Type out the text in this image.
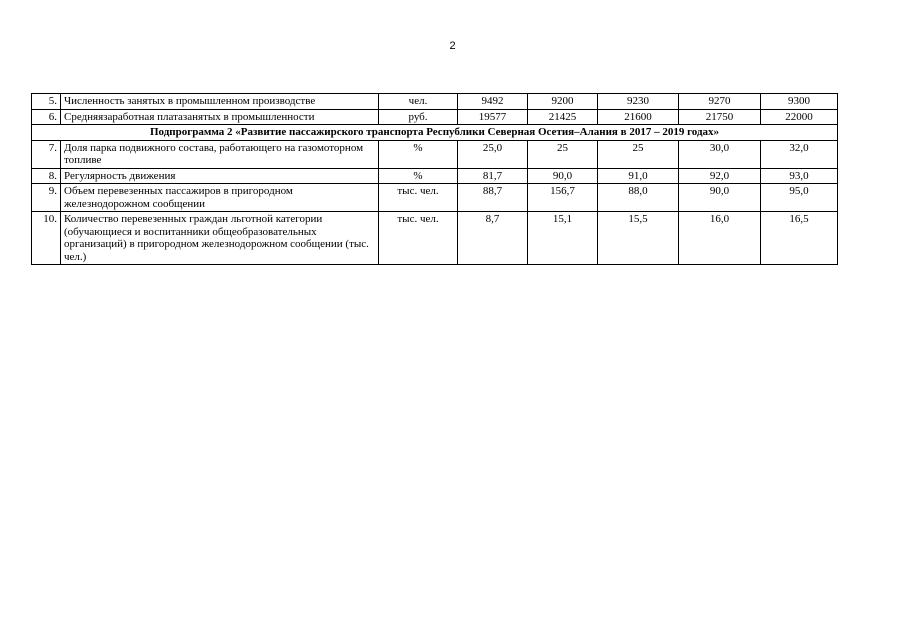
2
5.	Численность занятых в промышленном производстве	чел.	9492	9200	9230	9270	9300
6.	Средняязаработная платазанятых в промышленности	руб.	19577	21425	21600	21750	22000
Подпрограмма 2 «Развитие пассажирского транспорта Республики Северная Осетия–Алания в 2017 – 2019 годах»							
7.	Доля парка подвижного состава, работающего на газомоторном топливе	%	25,0	25	25	30,0	32,0
8.	Регулярность движения	%	81,7	90,0	91,0	92,0	93,0
9.	Объем перевезенных пассажиров в пригородном железнодорожном сообщении	тыс. чел.	88,7	156,7	88,0	90,0	95,0
10.	Количество перевезенных граждан льготной категории (обучающиеся и воспитанники общеобразовательных организаций) в пригородном железнодорожном сообщении (тыс. чел.)	тыс. чел.	8,7	15,1	15,5	16,0	16,5
